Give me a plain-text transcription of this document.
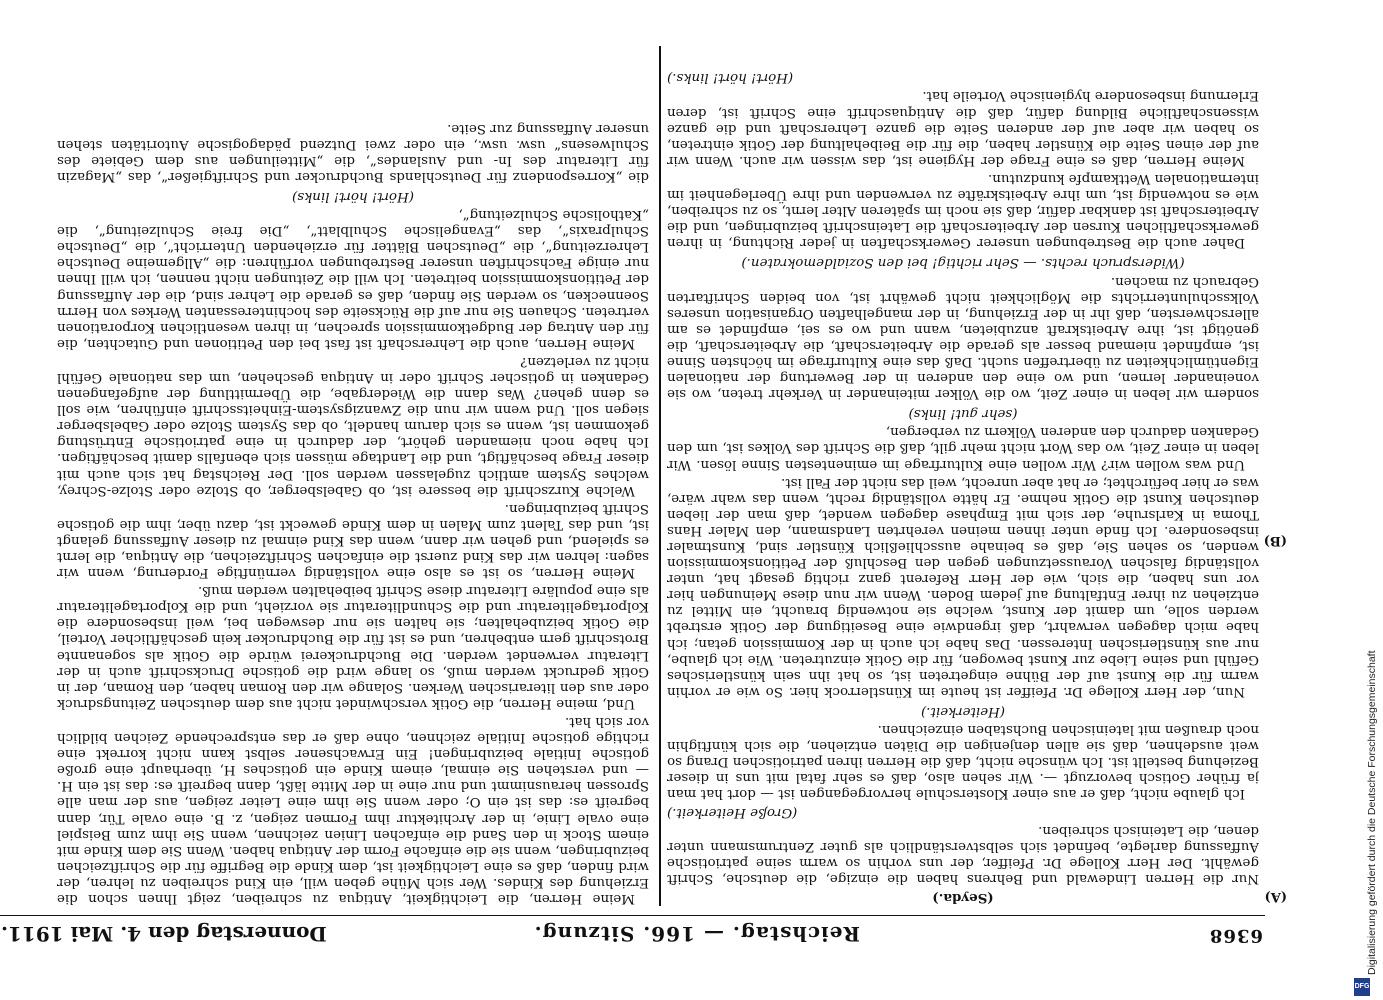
6368
Reichstag. — 166. Sitzung.
Donnerstag den 4. Mai 1911.

(Seyda.)

Nur die Herren Lindewald und Behrens haben die einzige, die deutsche, Schrift gewählt. Der Herr Kollege Dr. Pfeiffer, der uns vorhin so warm seine patriotische Auffassung darlegte, befindet sich selbstverständlich als guter Zentrumsmann unter denen, die Lateinisch schreiben.

(Große Heiterkeit.)

Ich glaube nicht, daß er aus einer Klosterschule hervorgegangen ist — dort hat man ja früher Gotisch bevorzugt —. Wir sehen also, daß es sehr fatal mit uns in dieser Beziehung bestellt ist. Ich wünsche nicht, daß die Herren ihren patriotischen Drang so weit ausdehnen, daß sie allen denjenigen die Diäten entziehen, die sich künftighin noch draußen mit lateinischen Buchstaben einzeichnen.

(Heiterkeit.)

Nun, der Herr Kollege Dr. Pfeiffer ist heute im Künstlerrock hier. So wie er vorhin warm für die Kunst auf der Bühne eingetreten ist, so hat ihn sein künstlerisches Gefühl und seine Liebe zur Kunst bewogen, für die Gotik einzutreten. Wie ich glaube, nur aus künstlerischen Interessen. Das habe ich auch in der Kommission getan; ich habe mich dagegen verwahrt, daß irgendwie eine Beseitigung der Gotik erstrebt werden solle, um damit der Kunst, welche sie notwendig braucht, ein Mittel zu entziehen zu ihrer Entfaltung auf jedem Boden. Wenn wir nun diese Meinungen hier vor uns haben, die sich, wie der Herr Referent ganz richtig gesagt hat, unter vollständig falschen Voraussetzungen gegen den Beschluß der Petitionskommission wenden, so sehen Sie, daß es beinahe ausschließlich Künstler sind, Kunstmaler insbesondere. Ich finde unter ihnen meinen verehrten Landsmann, den Maler Hans Thoma in Karlsruhe, der sich mit Emphase dagegen wendet, daß man der lieben deutschen Kunst die Gotik nehme. Er hätte vollständig recht, wenn das wahr wäre, was er hier befürchtet; er hat aber unrecht, weil das nicht der Fall ist.

Und was wollen wir? Wir wollen eine Kulturfrage im eminentesten Sinne lösen. Wir leben in einer Zeit, wo das Wort nicht mehr gilt, daß die Schrift des Volkes ist, um den Gedanken dadurch den anderen Völkern zu verbergen,

(sehr gut! links)

sondern wir leben in einer Zeit, wo die Völker miteinander in Verkehr treten, wo sie voneinander lernen, und wo eine den anderen in der Bewertung der nationalen Eigentümlichkeiten zu übertreffen sucht. Daß das eine Kulturfrage im höchsten Sinne ist, empfindet niemand besser als gerade die Arbeiterschaft, die Arbeiterschaft, die genötigt ist, ihre Arbeitskraft anzubieten, wann und wo es sei, empfindet es am allerschwersten, daß ihr in der Erziehung, in der mangelhaften Organisation unseres Volksschulunterrichts die Möglichkeit nicht gewährt ist, von beiden Schriftarten Gebrauch zu machen.

(Widerspruch rechts. — Sehr richtig! bei den Sozialdemokraten.)

Daher auch die Bestrebungen unserer Gewerkschaften in jeder Richtung, in ihren gewerkschaftlichen Kursen der Arbeiterschaft die Lateinschrift beizubringen, und die Arbeiterschaft ist dankbar dafür, daß sie noch im späteren Alter lernt, so zu schreiben, wie es notwendig ist, um ihre Arbeitskräfte zu verwenden und ihre Überlegenheit im internationalen Wettkampfe kundzutun.

Meine Herren, daß es eine Frage der Hygiene ist, das wissen wir auch. Wenn wir auf der einen Seite die Künstler haben, die für die Beibehaltung der Gotik eintreten, so haben wir aber auf der anderen Seite die ganze Lehrerschaft und die ganze wissenschaftliche Bildung dafür, daß die Antiquaschrift eine Schrift ist, deren Erlernung insbesondere hygienische Vorteile hat.

(Hört! hört! links.)

Meine Herren, die Leichtigkeit, Antiqua zu schreiben, zeigt Ihnen schon die Erziehung des Kindes. Wer sich Mühe geben will, ein Kind schreiben zu lehren, der wird finden, daß es eine Leichtigkeit ist, dem Kinde die Begriffe für die Schriftzeichen beizubringen, wenn sie die einfache Form der Antiqua haben. Wenn Sie dem Kinde mit einem Stock in den Sand die einfachen Linien zeichnen, wenn Sie ihm zum Beispiel eine ovale Linie, in der Architektur ihm Formen zeigen, z. B. eine ovale Tür, dann begreift es: das ist ein O; oder wenn Sie ihm eine Leiter zeigen, aus der man alle Sprossen herausnimmt und nur eine in der Mitte läßt, dann begreift es: das ist ein H. — und verstehen Sie einmal, einem Kinde ein gotisches H, überhaupt eine große gotische Initiale beizubringen! Ein Erwachsener selbst kann nicht korrekt eine richtige gotische Initiale zeichnen, ohne daß er das entsprechende Zeichen bildlich vor sich hat.

Und, meine Herren, die Gotik verschwindet nicht aus dem deutschen Zeitungsdruck oder aus den literarischen Werken. Solange wir den Roman haben, den Roman, der in Gotik gedruckt werden muß, so lange wird die gotische Druckschrift auch in der Literatur verwendet werden. Die Buchdruckerei würde die Gotik als sogenannte Brotschrift gern entbehren, und es ist für die Buchdrucker kein geschäftlicher Vorteil, die Gotik beizubehalten; sie halten sie nur deswegen bei, weil insbesondere die Kolportageliteratur und die Schundliteratur sie vorzieht, und die Kolportageliteratur als eine populäre Literatur diese Schrift beibehalten werden muß.

Meine Herren, so ist es also eine vollständig vernünftige Forderung, wenn wir sagen: lehren wir das Kind zuerst die einfachen Schriftzeichen, die Antiqua, die lernt es spielend, und gehen wir dann, wenn das Kind einmal zu dieser Auffassung gelangt ist, und das Talent zum Malen in dem Kinde geweckt ist, dazu über, ihm die gotische Schrift beizubringen.

Welche Kurzschrift die bessere ist, ob Gabelsberger, ob Stolze oder Stolze-Schrey, welches System amtlich zugelassen werden soll. Der Reichstag hat sich auch mit dieser Frage beschäftigt, und die Landtage müssen sich ebenfalls damit beschäftigen. Ich habe noch niemanden gehört, der dadurch in eine patriotische Entrüstung gekommen ist, wenn es sich darum handelt, ob das System Stolze oder Gabelsberger siegen soll. Und wenn wir nun die Zwanzigsystem-Einheitsschrift einführen, wie soll es denn gehen? Was dann die Wiedergabe, die Übermittlung der aufgefangenen Gedanken in gotischer Schrift oder in Antiqua geschehen, um das nationale Gefühl nicht zu verletzen?

Meine Herren, auch die Lehrerschaft ist fast bei den Petitionen und Gutachten, die für den Antrag der Budgetkommission sprechen, in ihren wesentlichen Korporationen vertreten. Schauen Sie nur auf die Rückseite des hochinteressanten Werkes von Herrn Soennecken, so werden Sie finden, daß es gerade die Lehrer sind, die der Auffassung der Petitionskommission beitreten. Ich will die Zeitungen nicht nennen, ich will Ihnen nur einige Fachschriften unserer Bestrebungen vorführen: die „Allgemeine Deutsche Lehrerzeitung“, die „Deutschen Blätter für erziehenden Unterricht“, die „Deutsche Schulpraxis“, das „Evangelische Schulblatt“, „Die freie Schulzeitung“, die „Katholische Schulzeitung“,

(Hört! hört! links)

die „Korrespondenz für Deutschlands Buchdrucker und Schriftgießer“, das „Magazin für Literatur des In- und Auslandes“, die „Mitteilungen aus dem Gebiete des Schulwesens“ usw. usw., ein oder zwei Dutzend pädagogische Autoritäten stehen unserer Auffassung zur Seite.

(A)
(B)
Digitalisierung gefördert durch die Deutsche Forschungsgemeinschaft
DFG
